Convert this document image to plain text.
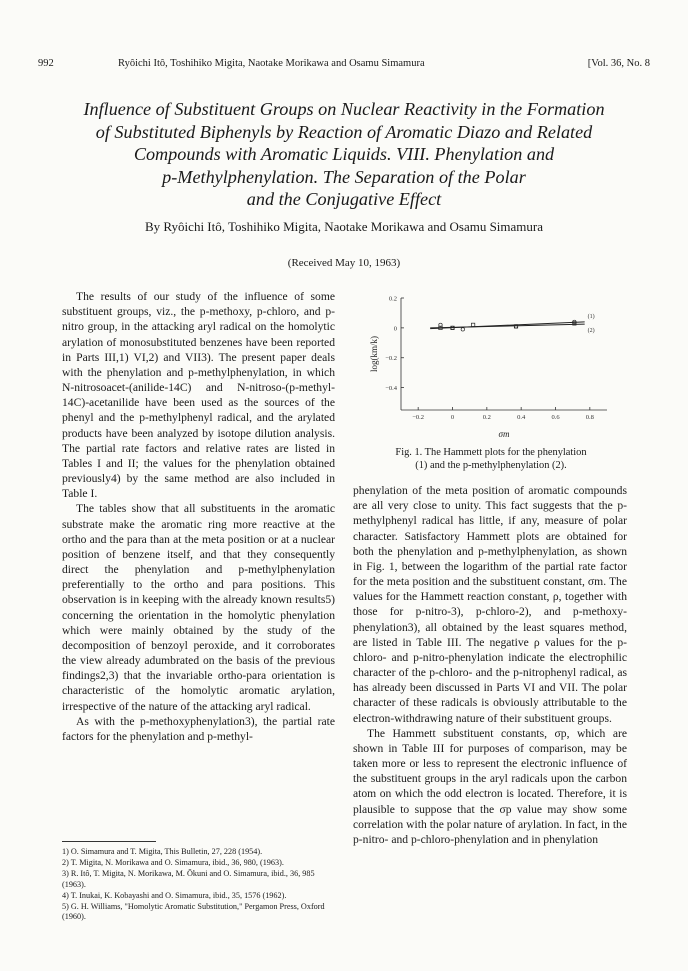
992	Ryôichi Itô, Toshihiko Migita, Naotake Morikawa and Osamu Simamura	[Vol. 36, No. 8
Influence of Substituent Groups on Nuclear Reactivity in the Formation
of Substituted Biphenyls by Reaction of Aromatic Diazo and Related
Compounds with Aromatic Liquids. VIII. Phenylation and
p-Methylphenylation. The Separation of the Polar
and the Conjugative Effect
By Ryôichi Itô, Toshihiko Migita, Naotake Morikawa and Osamu Simamura
(Received May 10, 1963)

The results of our study of the influence of some substituent groups, viz., the p-methoxy, p-chloro, and p-nitro group, in the attacking aryl radical on the homolytic arylation of monosubstituted benzenes have been reported in Parts III,1) VI,2) and VII3). The present paper deals with the phenylation and p-methylphenylation, in which N-nitrosoacet-(anilide-14C) and N-nitroso-(p-methyl-14C)-acetanilide have been used as the sources of the phenyl and the p-methylphenyl radical, and the arylated products have been analyzed by isotope dilution analysis. The partial rate factors and relative rates are listed in Tables I and II; the values for the phenylation obtained previously4) by the same method are also included in Table I.

The tables show that all substituents in the aromatic substrate make the aromatic ring more reactive at the ortho and the para than at the meta position or at a nuclear position of benzene itself, and that they consequently direct the phenylation and p-methylphenylation preferentially to the ortho and para positions. This observation is in keeping with the already known results5) concerning the orientation in the homolytic phenylation which were mainly obtained by the study of the decomposition of benzoyl peroxide, and it corroborates the view already adumbrated on the basis of the previous findings2,3) that the invariable ortho-para orientation is characteristic of the homolytic aromatic arylation, irrespective of the nature of the attacking aryl radical.

As with the p-methoxyphenylation3), the partial rate factors for the phenylation and p-methyl-

1) O. Simamura and T. Migita, This Bulletin, 27, 228 (1954).

2) T. Migita, N. Morikawa and O. Simamura, ibid., 36, 980, (1963).

3) R. Itô, T. Migita, N. Morikawa, M. Ōkuni and O. Simamura, ibid., 36, 985 (1963).

4) T. Inukai, K. Kobayashi and O. Simamura, ibid., 35, 1576 (1962).

5) G. H. Williams, "Homolytic Aromatic Substitution," Pergamon Press, Oxford (1960).

0.2
0
−0.2
−0.4
−0.2	0	0.2	0.4	0.6	0.8
σm
log(km/k)
(1)
(2)

Fig. 1. The Hammett plots for the phenylation

(1) and the p-methylphenylation (2).

phenylation of the meta position of aromatic compounds are all very close to unity. This fact suggests that the p-methylphenyl radical has little, if any, measure of polar character. Satisfactory Hammett plots are obtained for both the phenylation and p-methylphenylation, as shown in Fig. 1, between the logarithm of the partial rate factor for the meta position and the substituent constant, σm. The values for the Hammett reaction constant, ρ, together with those for p-nitro-3), p-chloro-2), and p-methoxy-phenylation3), all obtained by the least squares method, are listed in Table III. The negative ρ values for the p-chloro- and p-nitro-phenylation indicate the electrophilic character of the p-chloro- and the p-nitrophenyl radical, as has already been discussed in Parts VI and VII. The polar character of these radicals is obviously attributable to the electron-withdrawing nature of their substituent groups.

The Hammett substituent constants, σp, which are shown in Table III for purposes of comparison, may be taken more or less to represent the electronic influence of the substituent groups in the aryl radicals upon the carbon atom on which the odd electron is located. Therefore, it is plausible to suppose that the σp value may show some correlation with the polar nature of arylation. In fact, in the p-nitro- and p-chloro-phenylation and in phenylation
